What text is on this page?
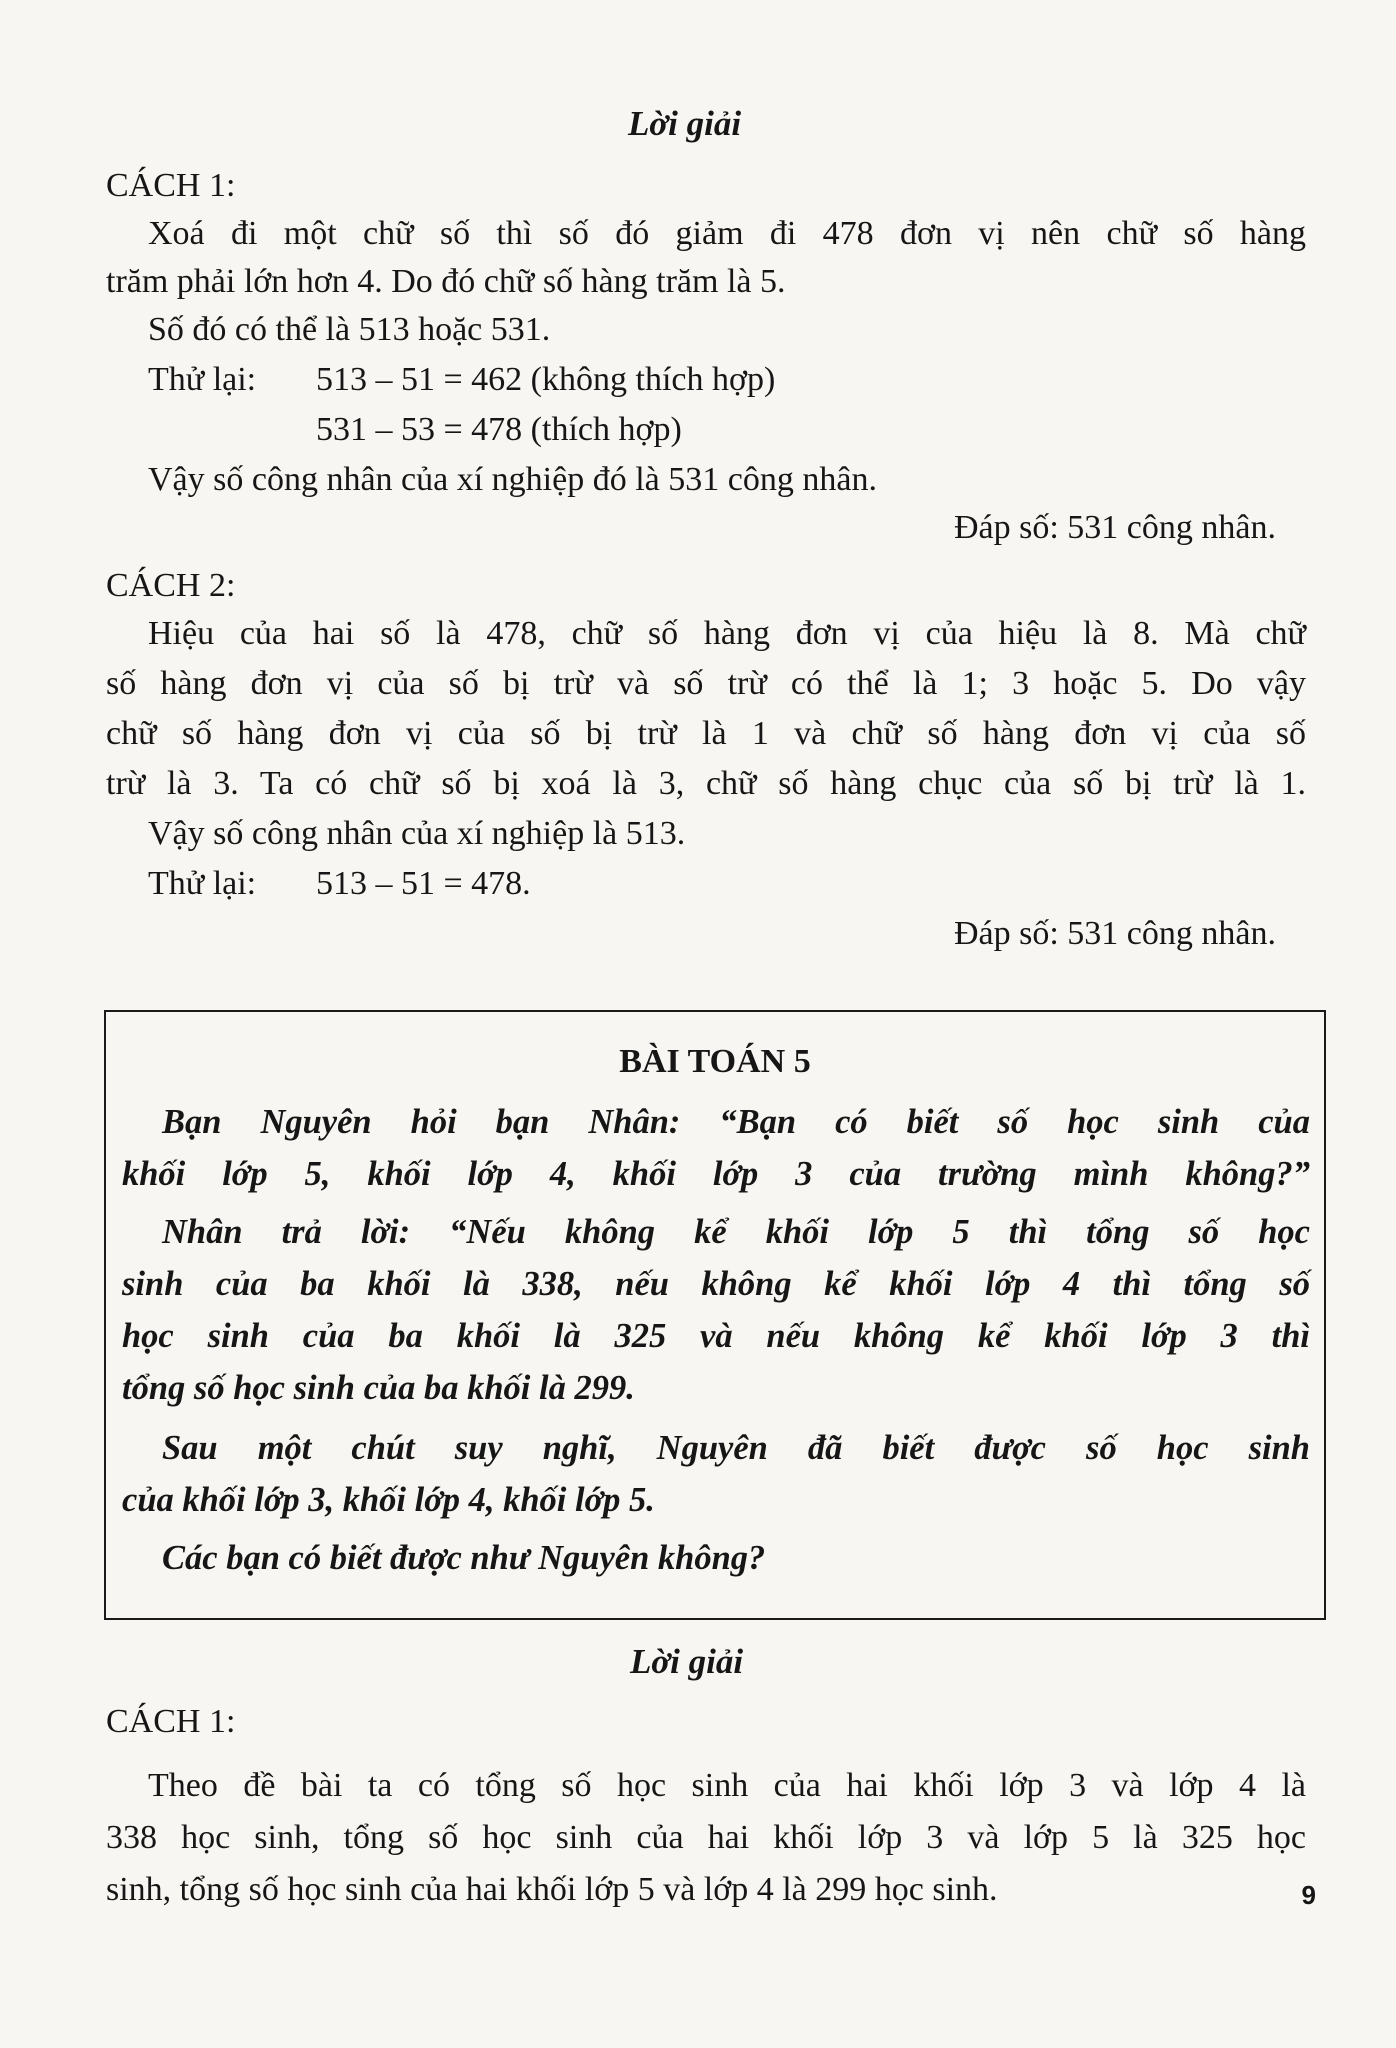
Lời giải
CÁCH 1:
Xoá đi một chữ số thì số đó giảm đi 478 đơn vị nên chữ số hàng
trăm phải lớn hơn 4. Do đó chữ số hàng trăm là 5.
Số đó có thể là 513 hoặc 531.
Thử lại: 513 – 51 = 462 (không thích hợp)
531 – 53 = 478 (thích hợp)
Vậy số công nhân của xí nghiệp đó là 531 công nhân.
Đáp số: 531 công nhân.
CÁCH 2:
Hiệu của hai số là 478, chữ số hàng đơn vị của hiệu là 8. Mà chữ
số hàng đơn vị của số bị trừ và số trừ có thể là 1; 3 hoặc 5. Do vậy
chữ số hàng đơn vị của số bị trừ là 1 và chữ số hàng đơn vị của số
trừ là 3. Ta có chữ số bị xoá là 3, chữ số hàng chục của số bị trừ là 1.
Vậy số công nhân của xí nghiệp là 513.
Thử lại: 513 – 51 = 478.
Đáp số: 531 công nhân.
BÀI TOÁN 5
Bạn Nguyên hỏi bạn Nhân: “Bạn có biết số học sinh của
khối lớp 5, khối lớp 4, khối lớp 3 của trường mình không?”
Nhân trả lời: “Nếu không kể khối lớp 5 thì tổng số học
sinh của ba khối là 338, nếu không kể khối lớp 4 thì tổng số
học sinh của ba khối là 325 và nếu không kể khối lớp 3 thì
tổng số học sinh của ba khối là 299.
Sau một chút suy nghĩ, Nguyên đã biết được số học sinh
của khối lớp 3, khối lớp 4, khối lớp 5.
Các bạn có biết được như Nguyên không?
Lời giải
CÁCH 1:
Theo đề bài ta có tổng số học sinh của hai khối lớp 3 và lớp 4 là
338 học sinh, tổng số học sinh của hai khối lớp 3 và lớp 5 là 325 học
sinh, tổng số học sinh của hai khối lớp 5 và lớp 4 là 299 học sinh.	9
